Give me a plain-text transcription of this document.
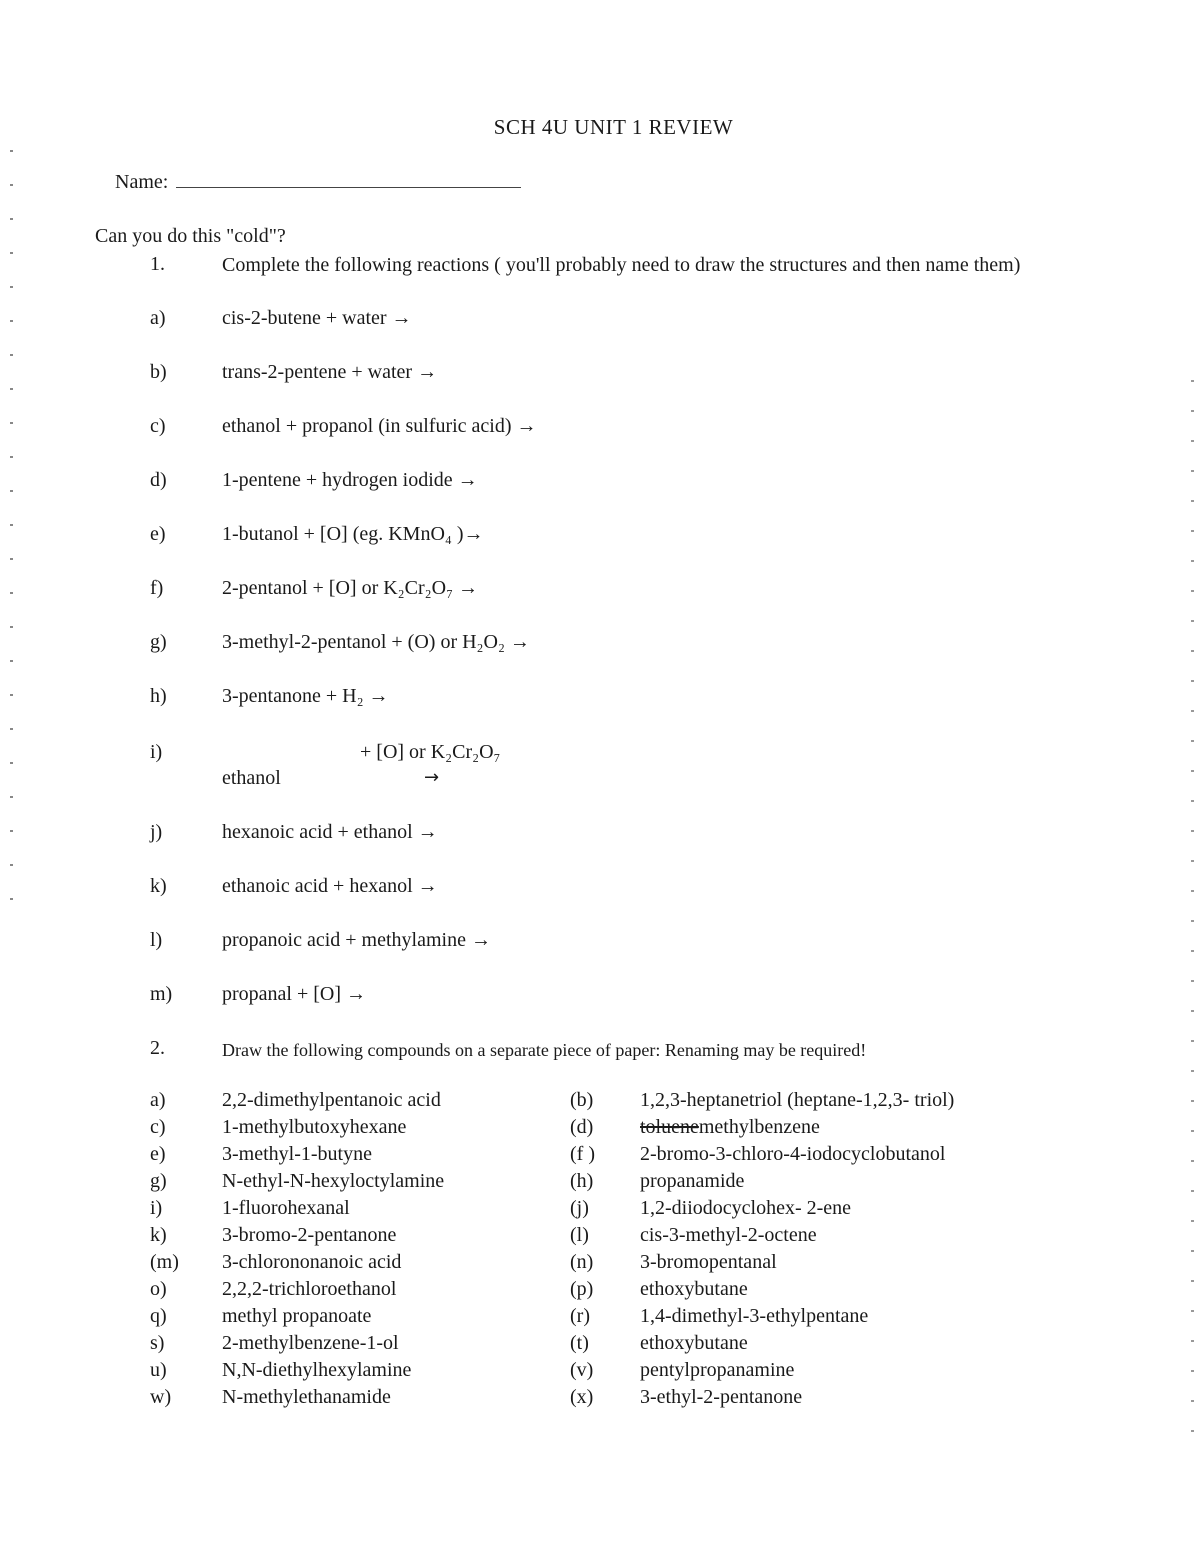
SCH 4U UNIT 1 REVIEW
Name:
Can you do this "cold"?
1.	Complete the following reactions ( you'll probably need to draw the structures and then name them)
a)	cis-2-butene + water →
b)	trans-2-pentene + water →
c)	ethanol + propanol (in sulfuric acid) →
d)	1-pentene + hydrogen iodide →
e)	1-butanol + [O] (eg. KMnO₄ )→
f)	2-pentanol + [O] or K₂Cr₂O₇ →
g)	3-methyl-2-pentanol + (O) or H₂O₂ →
h)	3-pentanone + H₂ →
i)	+ [O] or K₂Cr₂O₇
ethanol	→
j)	hexanoic acid + ethanol →
k)	ethanoic acid + hexanol →
l)	propanoic acid + methylamine →
m) propanal + [O] →
2.	Draw the following compounds on a separate piece of paper: Renaming may be required!
a)	2,2-dimethylpentanoic acid	(b) 1,2,3-heptanetriol (heptane-1,2,3- triol)
c)	1-methylbutoxyhexane	(d) toluenemethylbenzene
e)	3-methyl-1-butyne	(f ) 2-bromo-3-chloro-4-iodocyclobutanol
g)	N-ethyl-N-hexyloctylamine	(h) propanamide
i)	1-fluorohexanal	(j)	1,2-diiodocyclohex- 2-ene
k)	3-bromo-2-pentanone	(l)	cis-3-methyl-2-octene
(m) 3-chlorononanoic acid	(n) 3-bromopentanal
o)	2,2,2-trichloroethanol	(p) ethoxybutane
q)	methyl propanoate	(r)	1,4-dimethyl-3-ethylpentane
s)	2-methylbenzene-1-ol	(t)	ethoxybutane
u)	N,N-diethylhexylamine	(v) pentylpropanamine
w)	N-methylethanamide	(x) 3-ethyl-2-pentanone
